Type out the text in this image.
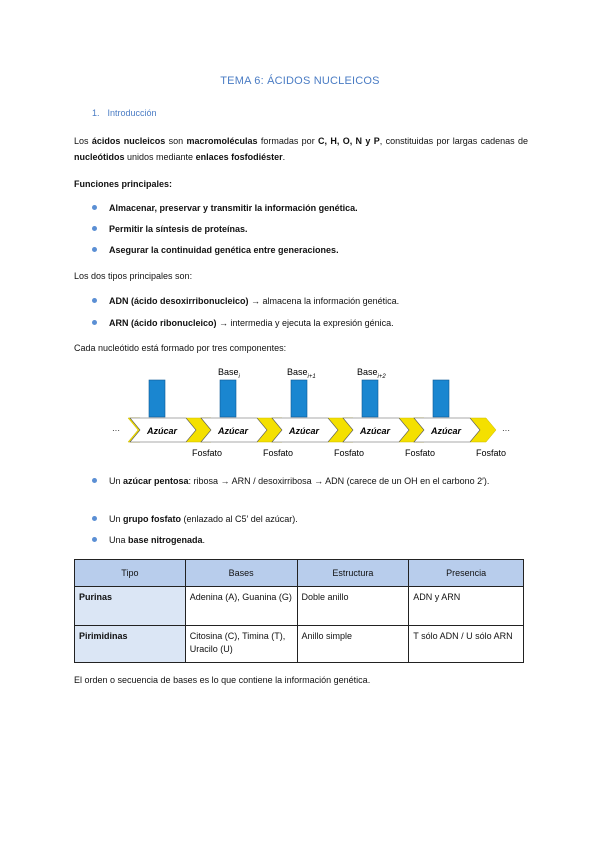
TEMA 6: ÁCIDOS NUCLEICOS
1. Introducción
Los ácidos nucleicos son macromoléculas formadas por C, H, O, N y P, constituidas por largas cadenas de nucleótidos unidos mediante enlaces fosfodiéster.
Funciones principales:
Almacenar, preservar y transmitir la información genética.
Permitir la síntesis de proteínas.
Asegurar la continuidad genética entre generaciones.
Los dos tipos principales son:
ADN (ácido desoxirribonucleico) → almacena la información genética.
ARN (ácido ribonucleico) → intermedia y ejecuta la expresión génica.
Cada nucleótido está formado por tres componentes:
Base$_i$	Base$_{i+1}$	Base$_{i+2}$
···	···
Azúcar	Azúcar	Azúcar	Azúcar	Azúcar
Fosfato	Fosfato	Fosfato	Fosfato	Fosfato
Un azúcar pentosa: ribosa → ARN / desoxirribosa → ADN (carece de un OH en el carbono 2′).
Un grupo fosfato (enlazado al C5′ del azúcar).
Una base nitrogenada.
Tipo	Bases	Estructura	Presencia
Purinas	Adenina (A), Guanina (G)	Doble anillo	ADN y ARN
Pirimidinas	Citosina (C), Timina (T), Uracilo (U)	Anillo simple	T sólo ADN / U sólo ARN
El orden o secuencia de bases es lo que contiene la información genética.
